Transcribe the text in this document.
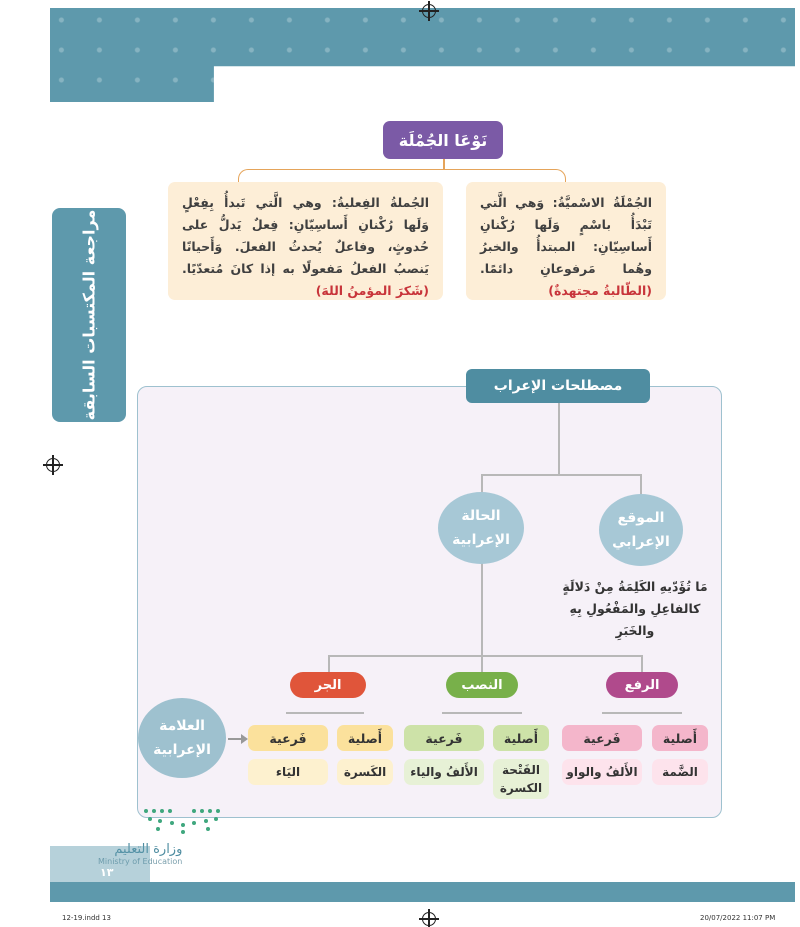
نَوْعَا الجُمْلَة
الجُمْلَةُ الاسْميَّةُ: وَهي الَّتي تَبْدَأُ باسْمٍ وَلَها رُكْنانِ أَساسِيّانِ: المبتدأُ والخبرُ وهُما مَرفوعانِ دائمًا. (الطّالبةُ مجتهدةٌ)
الجُملةُ الفِعليةُ: وهي الَّتي تَبدأُ بِفِعْلٍ وَلَها رُكْنانِ أَساسِيّانِ: فِعلٌ يَدلُّ على حُدوثٍ، وفاعلٌ يُحدثُ الفعلَ. وَأَحيانًا يَنصبُ الفعلُ مَفعولًا به إذا كانَ مُتعدّيًا. (شَكرَ المؤمنُ اللهَ)
مراجعة المكتسبات السابقة	مصطلحات الإعراب
الموقع الإعرابي
الحالة الإعرابية
مَا تُؤَدّيهِ الكَلِمَةُ مِنْ دَلالَةٍ
كالفاعِلِ والمَفْعُولِ بِهِ والخَبَرِ
العلامة الإعرابية
الرفع
النصب
الجر
أَصلية
فَرعية
أَصلية
فَرعية
أَصلية
فَرعية
الضَّمة
الأَلفُ والواو
الفَتْحة الكسرة
الأَلفُ والياء
الكَسرة
اليَاء
وزارة التعليم
Ministry of Education
١٣
12-19.indd 13	20/07/2022 11:07 PM
